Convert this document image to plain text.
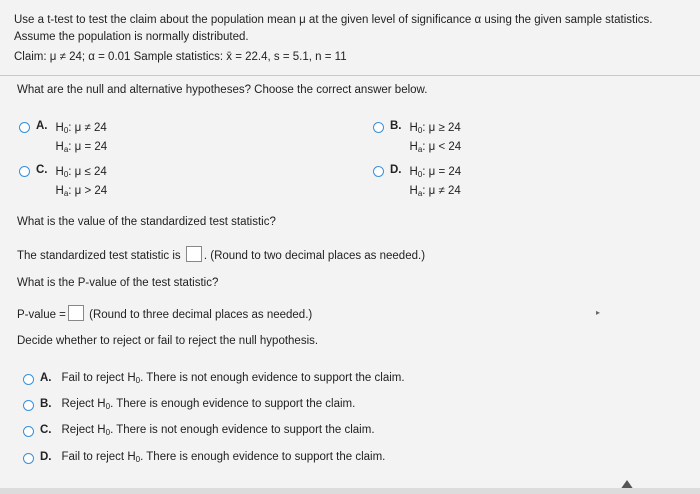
Use a t-test to test the claim about the population mean μ at the given level of significance α using the given sample statistics.
Assume the population is normally distributed.
Claim: μ ≠ 24; α = 0.01 Sample statistics: x̄ = 22.4, s = 5.1, n = 11
What are the null and alternative hypotheses? Choose the correct answer below.
A. $H_0$: μ ≠ 24
$H_a$: μ = 24
B. $H_0$: μ ≥ 24
$H_a$: μ < 24
C. $H_0$: μ ≤ 24
$H_a$: μ > 24
D. $H_0$: μ = 24
$H_a$: μ ≠ 24
What is the value of the standardized test statistic?
The standardized test statistic is . (Round to two decimal places as needed.)
What is the P-value of the test statistic?
P-value = (Round to three decimal places as needed.)
Decide whether to reject or fail to reject the null hypothesis.
A. Fail to reject $H_0$. There is not enough evidence to support the claim.
B. Reject $H_0$. There is enough evidence to support the claim.
C. Reject $H_0$. There is not enough evidence to support the claim.
D. Fail to reject $H_0$. There is enough evidence to support the claim.
▸
